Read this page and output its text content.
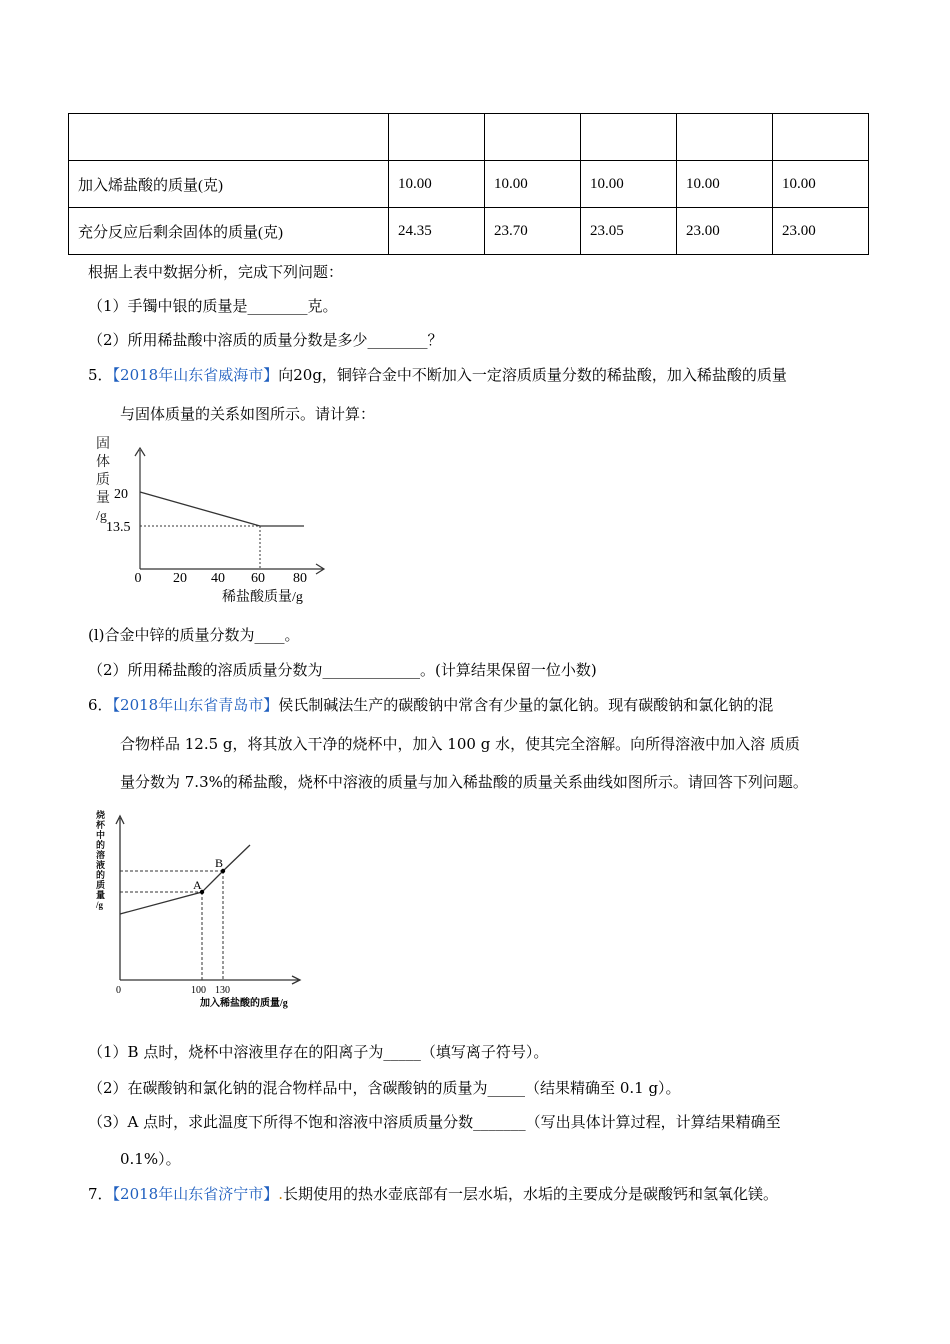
加入烯盐酸的质量(克)	10.00	10.00	10.00	10.00	10.00
充分反应后剩余固体的质量(克)	24.35	23.70	23.05	23.00	23.00
根据上表中数据分析，完成下列问题：
（1）手镯中银的质量是________克。
（2）所用稀盐酸中溶质的质量分数是多少________？
5．【2018年山东省威海市】向20g，铜锌合金中不断加入一定溶质质量分数的稀盐酸，加入稀盐酸的质量
与固体质量的关系如图所示。请计算：
固
体
质
量
/g
20
13.5
0 20 40 60 80
稀盐酸质量/g
(l)合金中锌的质量分数为____。
（2）所用稀盐酸的溶质质量分数为_____________。(计算结果保留一位小数)
6．【2018年山东省青岛市】侯氏制碱法生产的碳酸钠中常含有少量的氯化钠。现有碳酸钠和氯化钠的混
合物样品 12.5 g，将其放入干净的烧杯中，加入 100 g 水，使其完全溶解。向所得溶液中加入溶 质质
量分数为 7.3%的稀盐酸，烧杯中溶液的质量与加入稀盐酸的质量关系曲线如图所示。请回答下列问题。
烧
杯
中
的
溶
液
的
质
量
/g
A
B
0	100 130
加入稀盐酸的质量/g
（1）B 点时，烧杯中溶液里存在的阳离子为_____（填写离子符号）。
（2）在碳酸钠和氯化钠的混合物样品中，含碳酸钠的质量为_____（结果精确至 0.1 g）。
（3）A 点时，求此温度下所得不饱和溶液中溶质质量分数_______（写出具体计算过程，计算结果精确至
0.1%）。
7．【2018年山东省济宁市】.长期使用的热水壶底部有一层水垢，水垢的主要成分是碳酸钙和氢氧化镁。
